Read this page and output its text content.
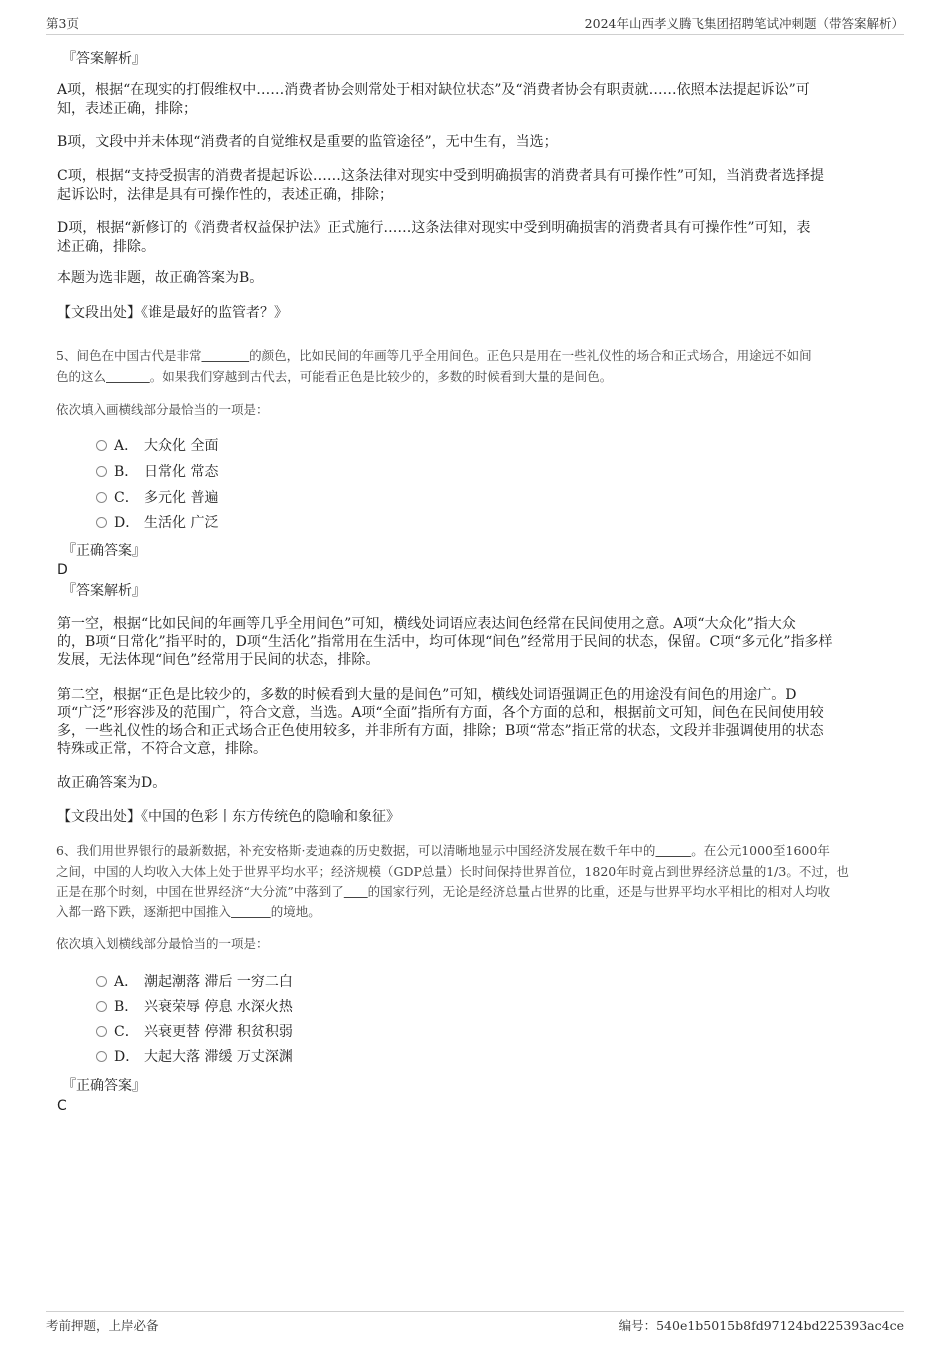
第3页	2024年山西孝义腾飞集团招聘笔试冲刺题（带答案解析）
『答案解析』
A项，根据“在现实的打假维权中……消费者协会则常处于相对缺位状态”及“消费者协会有职责就……依照本法提起诉讼”可
知，表述正确，排除；
B项，文段中并未体现“消费者的自觉维权是重要的监管途径”，无中生有，当选；
C项，根据“支持受损害的消费者提起诉讼……这条法律对现实中受到明确损害的消费者具有可操作性”可知，当消费者选择提
起诉讼时，法律是具有可操作性的，表述正确，排除；
D项，根据“新修订的《消费者权益保护法》正式施行……这条法律对现实中受到明确损害的消费者具有可操作性”可知，表
述正确，排除。
本题为选非题，故正确答案为B。
【文段出处】《谁是最好的监管者？》
5、间色在中国古代是非常	的颜色，比如民间的年画等几乎全用间色。正色只是用在一些礼仪性的场合和正式场合，用途远不如间
色的这么	。如果我们穿越到古代去，可能看正色是比较少的，多数的时候看到大量的是间色。
依次填入画横线部分最恰当的一项是：
A． 大众化 全面
B． 日常化 常态
C． 多元化 普遍
D． 生活化 广泛
『正确答案』
D
『答案解析』
第一空，根据“比如民间的年画等几乎全用间色”可知，横线处词语应表达间色经常在民间使用之意。A项“大众化”指大众
的，B项“日常化”指平时的，D项“生活化”指常用在生活中，均可体现“间色”经常用于民间的状态，保留。C项“多元化”指多样
发展，无法体现“间色”经常用于民间的状态，排除。
第二空，根据“正色是比较少的，多数的时候看到大量的是间色”可知，横线处词语强调正色的用途没有间色的用途广。D
项“广泛”形容涉及的范围广，符合文意，当选。A项“全面”指所有方面，各个方面的总和，根据前文可知，间色在民间使用较
多，一些礼仪性的场合和正式场合正色使用较多，并非所有方面，排除；B项“常态”指正常的状态，文段并非强调使用的状态
特殊或正常，不符合文意，排除。
故正确答案为D。
【文段出处】《中国的色彩丨东方传统色的隐喻和象征》
6、我们用世界银行的最新数据，补充安格斯·麦迪森的历史数据，可以清晰地显示中国经济发展在数千年中的	。在公元1000至1600年
之间，中国的人均收入大体上处于世界平均水平；经济规模（GDP总量）长时间保持世界首位，1820年时竟占到世界经济总量的1/3。不过，也
正是在那个时刻，中国在世界经济“大分流”中落到了 的国家行列，无论是经济总量占世界的比重，还是与世界平均水平相比的相对人均收
入都一路下跌，逐渐把中国推入	的境地。
依次填入划横线部分最恰当的一项是：
A． 潮起潮落 滞后 一穷二白
B． 兴衰荣辱 停息 水深火热
C． 兴衰更替 停滞 积贫积弱
D． 大起大落 滞缓 万丈深渊
『正确答案』
C
考前押题，上岸必备	编号：540e1b5015b8fd97124bd225393ac4ce
